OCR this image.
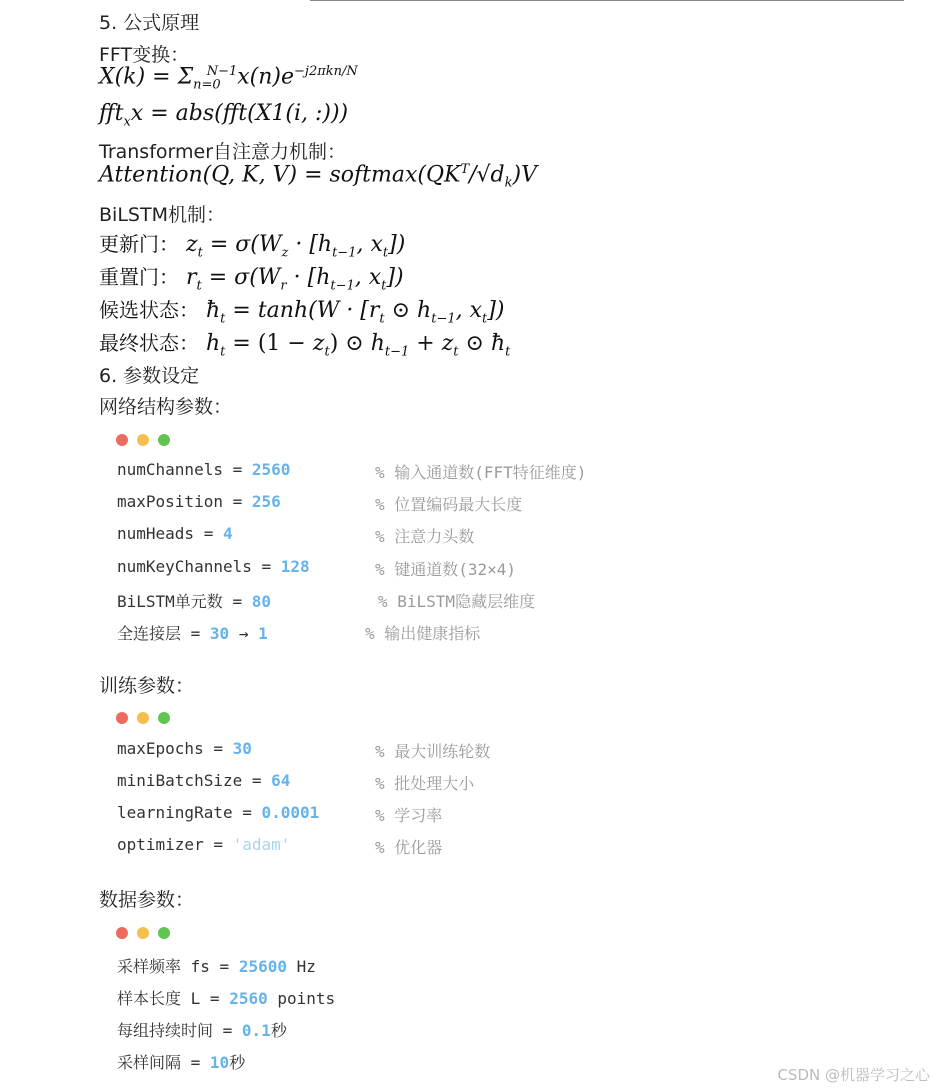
5. 公式原理
FFT变换：
$X(k) = \Sigma_{n=0}^{N-1}x(n)e^{-j2\pi kn/N}$
fft$_x$x = abs(fft(X1(i, :)))
Transformer自注意力机制：
Attention(Q, K, $V) = softmax(QK^T/√d_k)V$
BiLSTM机制：
更新门： $z_t = \sigma(W_z \cdot [h_{t-1}$, $x_t$])
重置门： $r_t = \sigma(W_r \cdot [h_{t-1}$, $x_t$])
候选状态： $ħ_t = \tanh(W \cdot [r_t$ ⊙ $h_{t-1}$, $x_t$])
最终状态： $h_t = (1 - z_t)$ ⊙ $h_{t-1} + z_t$ ⊙ $ħ_t$
6. 参数设定
网络结构参数：
numChannels = 2560	% 输入通道数(FFT特征维度)
maxPosition = 256	% 位置编码最大长度
numHeads = 4	% 注意力头数
numKeyChannels = 128	% 键通道数(32×4)
BiLSTM单元数 = 80	% BiLSTM隐藏层维度
全连接层 = 30 → 1	% 输出健康指标
训练参数：
maxEpochs = 30	% 最大训练轮数
miniBatchSize = 64	% 批处理大小
learningRate = 0.0001	% 学习率
optimizer = 'adam'	% 优化器
数据参数：
采样频率 fs = 25600 Hz
样本长度 L = 2560 points
每组持续时间 = 0.1秒
采样间隔 = 10秒
CSDN @机器学习之心
